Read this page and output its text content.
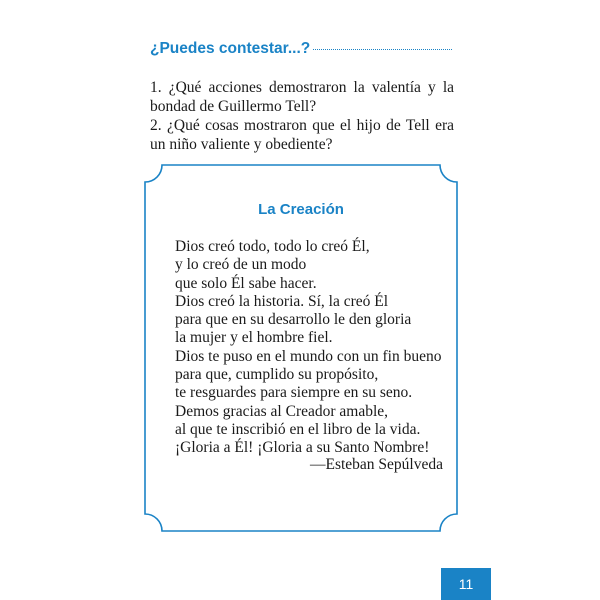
¿Puedes contestar...?

1. ¿Qué acciones demostraron la valentía y la bondad de Guillermo Tell?

2. ¿Qué cosas mostraron que el hijo de Tell era un niño valiente y obediente?

La Creación
Dios creó todo, todo lo creó Él,
y lo creó de un modo
que solo Él sabe hacer.
Dios creó la historia. Sí, la creó Él
para que en su desarrollo le den gloria
la mujer y el hombre fiel.
Dios te puso en el mundo con un fin bueno
para que, cumplido su propósito,
te resguardes para siempre en su seno.
Demos gracias al Creador amable,
al que te inscribió en el libro de la vida.
¡Gloria a Él! ¡Gloria a su Santo Nombre!
—Esteban Sepúlveda
11
